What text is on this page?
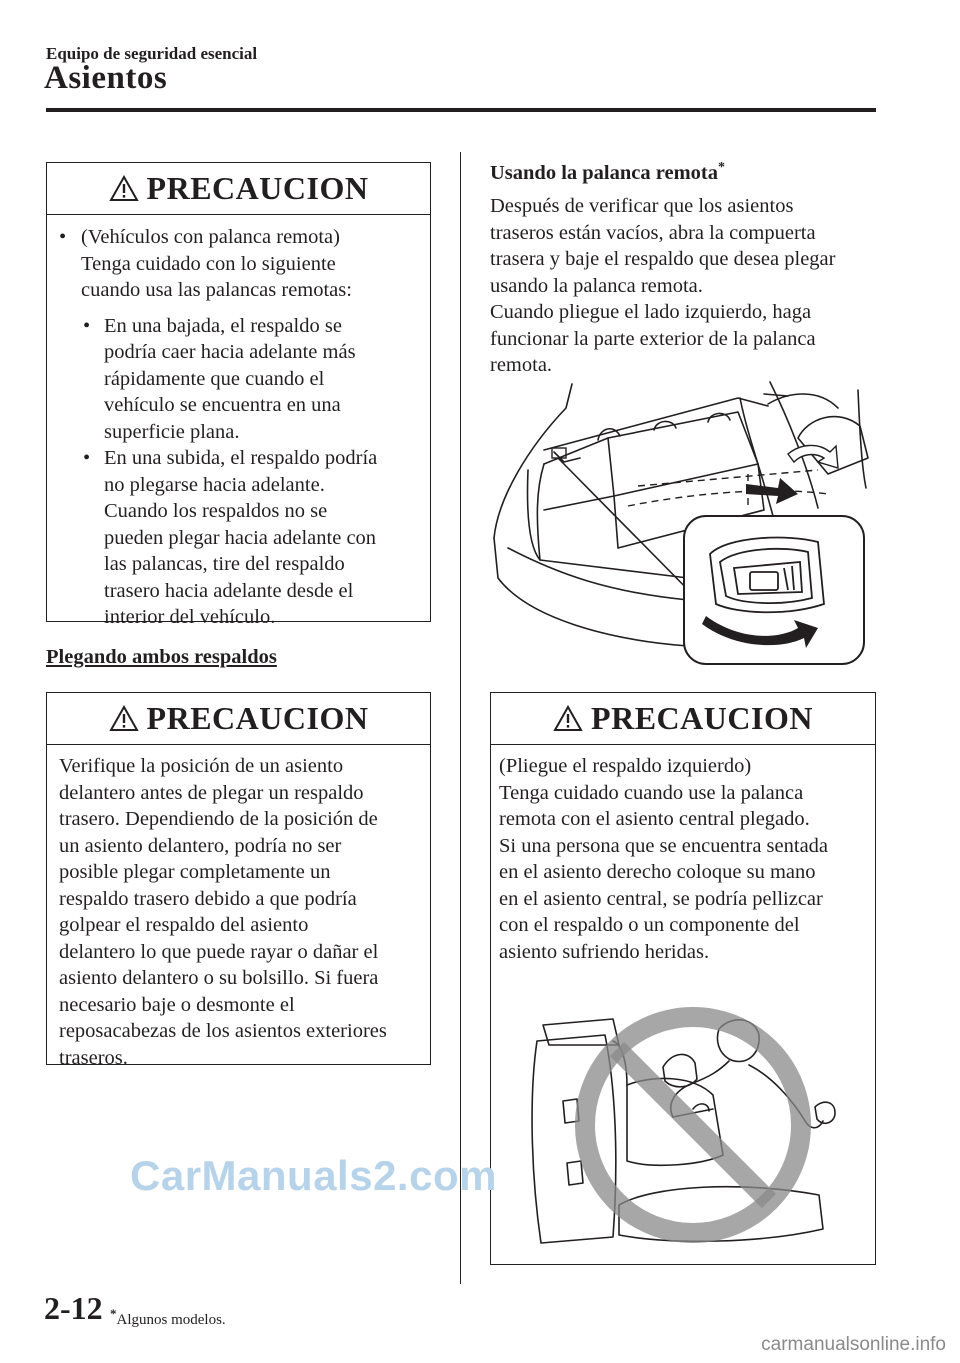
Equipo de seguridad esencial
Asientos
PRECAUCION
• (Vehículos con palanca remota)

Tenga cuidado con lo siguiente

cuando usa las palancas remotas:

• En una bajada, el respaldo se

podría caer hacia adelante más

rápidamente que cuando el

vehículo se encuentra en una

superficie plana.

• En una subida, el respaldo podría

no plegarse hacia adelante.

Cuando los respaldos no se

pueden plegar hacia adelante con

las palancas, tire del respaldo

trasero hacia adelante desde el

interior del vehículo.

Plegando ambos respaldos
PRECAUCION

Verifique la posición de un asiento

delantero antes de plegar un respaldo

trasero. Dependiendo de la posición de

un asiento delantero, podría no ser

posible plegar completamente un

respaldo trasero debido a que podría

golpear el respaldo del asiento

delantero lo que puede rayar o dañar el

asiento delantero o su bolsillo. Si fuera

necesario baje o desmonte el

reposacabezas de los asientos exteriores

traseros.

Usando la palanca remota*

Después de verificar que los asientos

traseros están vacíos, abra la compuerta

trasera y baje el respaldo que desea plegar

usando la palanca remota.

Cuando pliegue el lado izquierdo, haga

funcionar la parte exterior de la palanca

remota.

PRECAUCION

(Pliegue el respaldo izquierdo)

Tenga cuidado cuando use la palanca

remota con el asiento central plegado.

Si una persona que se encuentra sentada

en el asiento derecho coloque su mano

en el asiento central, se podría pellizcar

con el respaldo o un componente del

asiento sufriendo heridas.

2-12 *Algunos modelos.
CarManuals2.com
carmanualsonline.info
